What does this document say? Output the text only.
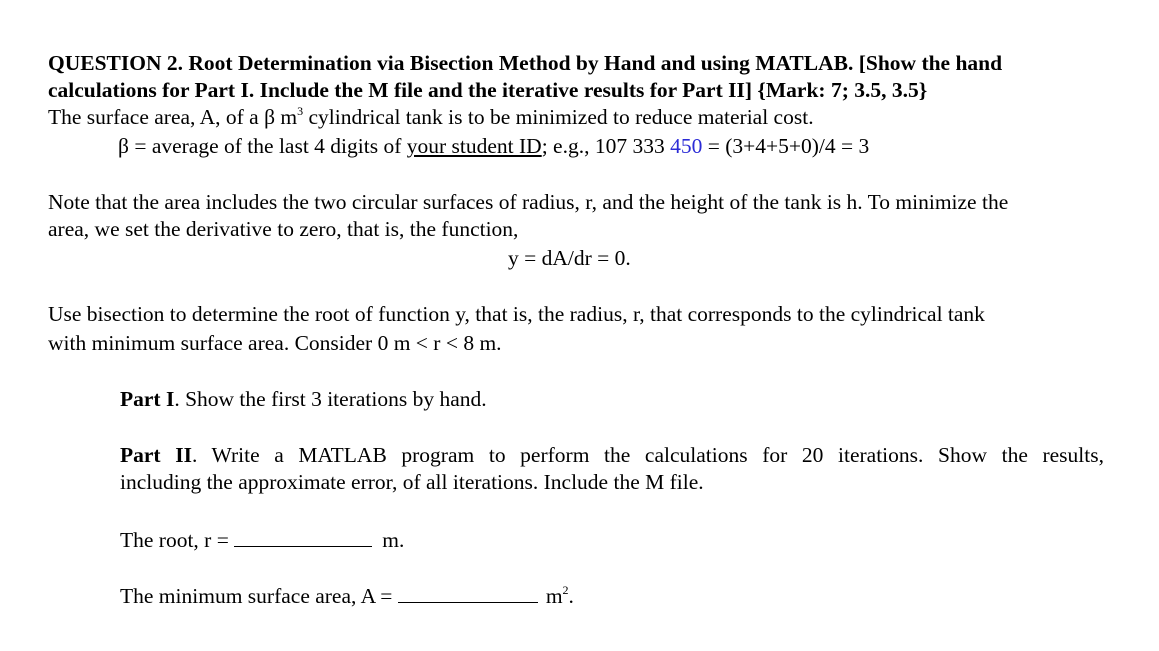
QUESTION 2. Root Determination via Bisection Method by Hand and using MATLAB. [Show the hand
calculations for Part I. Include the M file and the iterative results for Part II] {Mark: 7; 3.5, 3.5}
The surface area, A, of a β $m^3$ cylindrical tank is to be minimized to reduce material cost.
β = average of the last 4 digits of your student ID; e.g., 107 333 450 = (3+4+5+0)/4 = 3
Note that the area includes the two circular surfaces of radius, r, and the height of the tank is h. To minimize the
area, we set the derivative to zero, that is, the function,
y = dA/dr = 0.
Use bisection to determine the root of function y, that is, the radius, r, that corresponds to the cylindrical tank
with minimum surface area. Consider 0 m < r < 8 m.
Part I. Show the first 3 iterations by hand.
Part II. Write a MATLAB program to perform the calculations for 20 iterations. Show the results,
including the approximate error, of all iterations. Include the M file.
The root, r =	m.
The minimum surface area, A =	$m^2$.
